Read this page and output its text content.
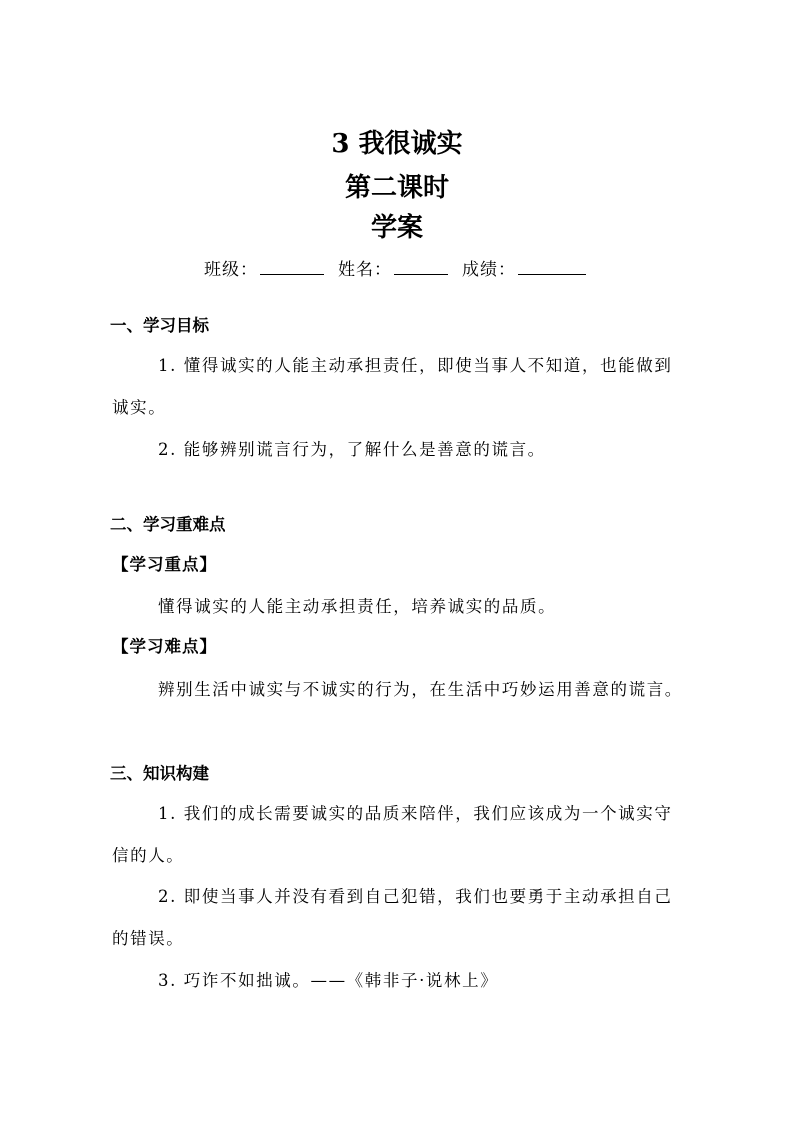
3 我很诚实
第二课时
学案
班级：	姓名：	成绩：
一、学习目标
1. 懂得诚实的人能主动承担责任，即使当事人不知道，也能做到
诚实。
2. 能够辨别谎言行为，了解什么是善意的谎言。
二、学习重难点
【学习重点】
懂得诚实的人能主动承担责任，培养诚实的品质。
【学习难点】
辨别生活中诚实与不诚实的行为，在生活中巧妙运用善意的谎言。
三、知识构建
1. 我们的成长需要诚实的品质来陪伴，我们应该成为一个诚实守
信的人。
2. 即使当事人并没有看到自己犯错，我们也要勇于主动承担自己
的错误。
3. 巧诈不如拙诚。——《韩非子·说林上》
